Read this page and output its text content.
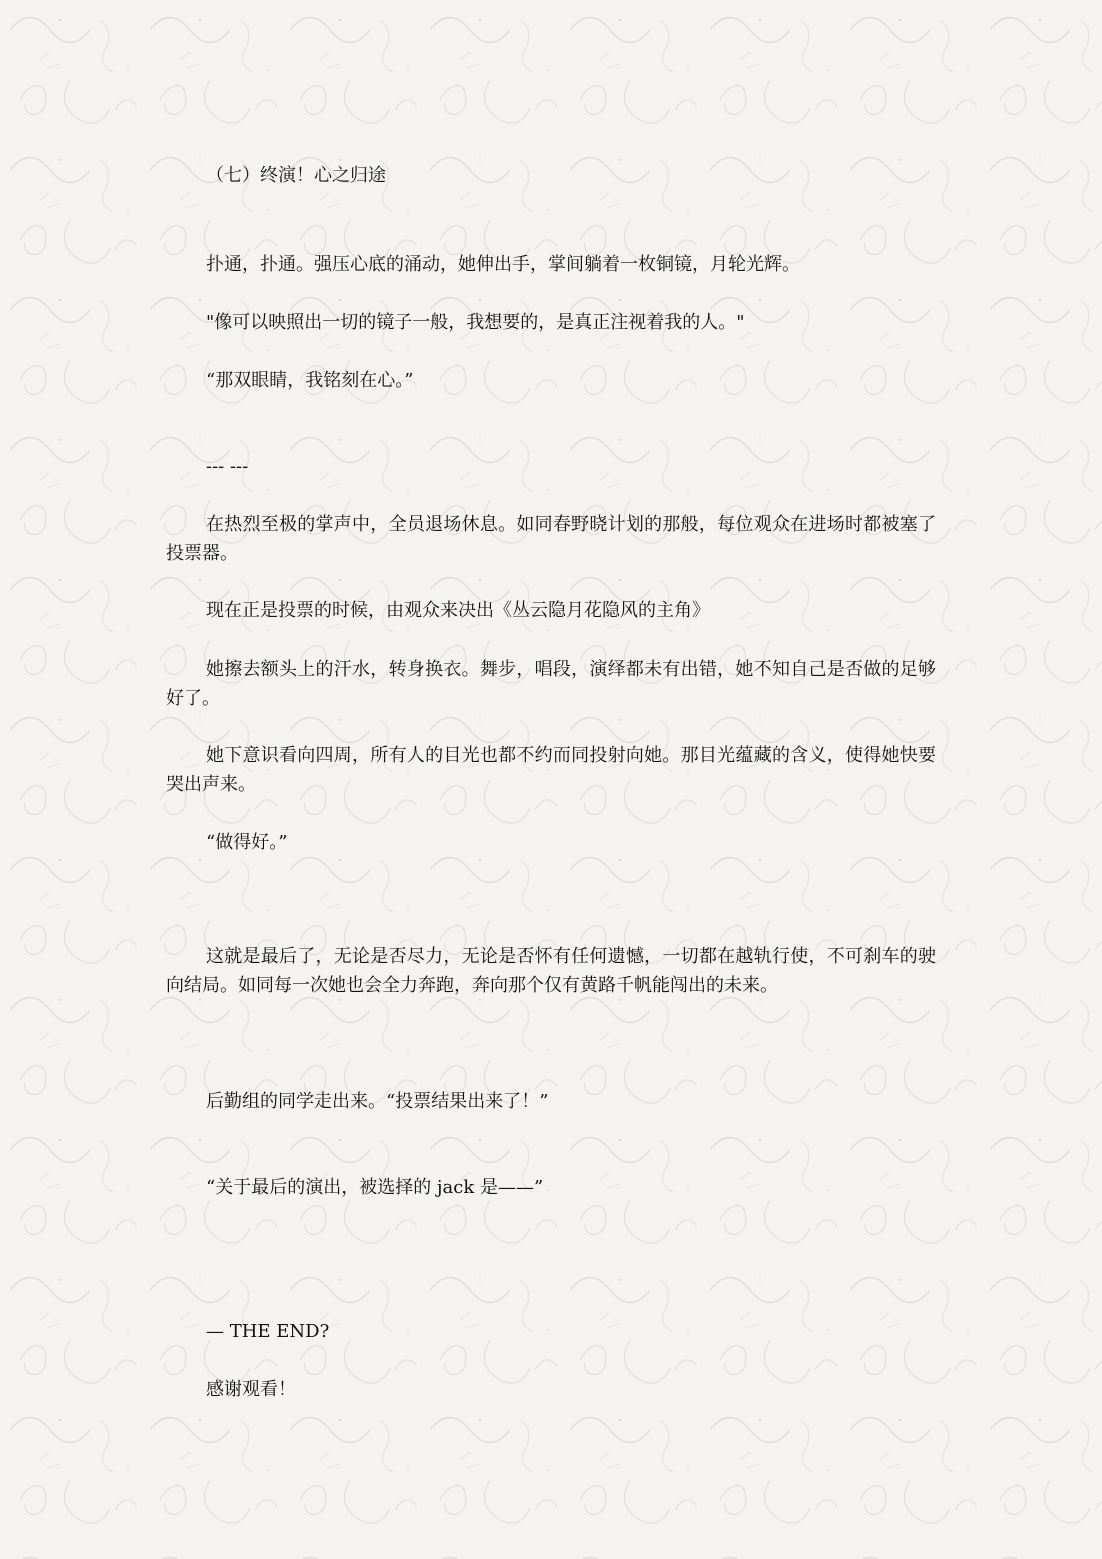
（七）终演！心之归途

扑通，扑通。强压心底的涌动，她伸出手，掌间躺着一枚铜镜，月轮光辉。

"像可以映照出一切的镜子一般，我想要的，是真正注视着我的人。"

“那双眼睛，我铭刻在心。”

--- ---

在热烈至极的掌声中，全员退场休息。如同春野晓计划的那般，每位观众在进场时都被塞了投票器。

现在正是投票的时候，由观众来决出《丛云隐月花隐风的主角》

她擦去额头上的汗水，转身换衣。舞步，唱段，演绎都未有出错，她不知自己是否做的足够好了。

她下意识看向四周，所有人的目光也都不约而同投射向她。那目光蕴藏的含义，使得她快要哭出声来。

“做得好。”

这就是最后了，无论是否尽力，无论是否怀有任何遗憾，一切都在越轨行使，不可刹车的驶向结局。如同每一次她也会全力奔跑，奔向那个仅有黄路千帆能闯出的未来。

后勤组的同学走出来。“投票结果出来了！”

“关于最后的演出，被选择的 jack 是——”

— THE END?

感谢观看！
